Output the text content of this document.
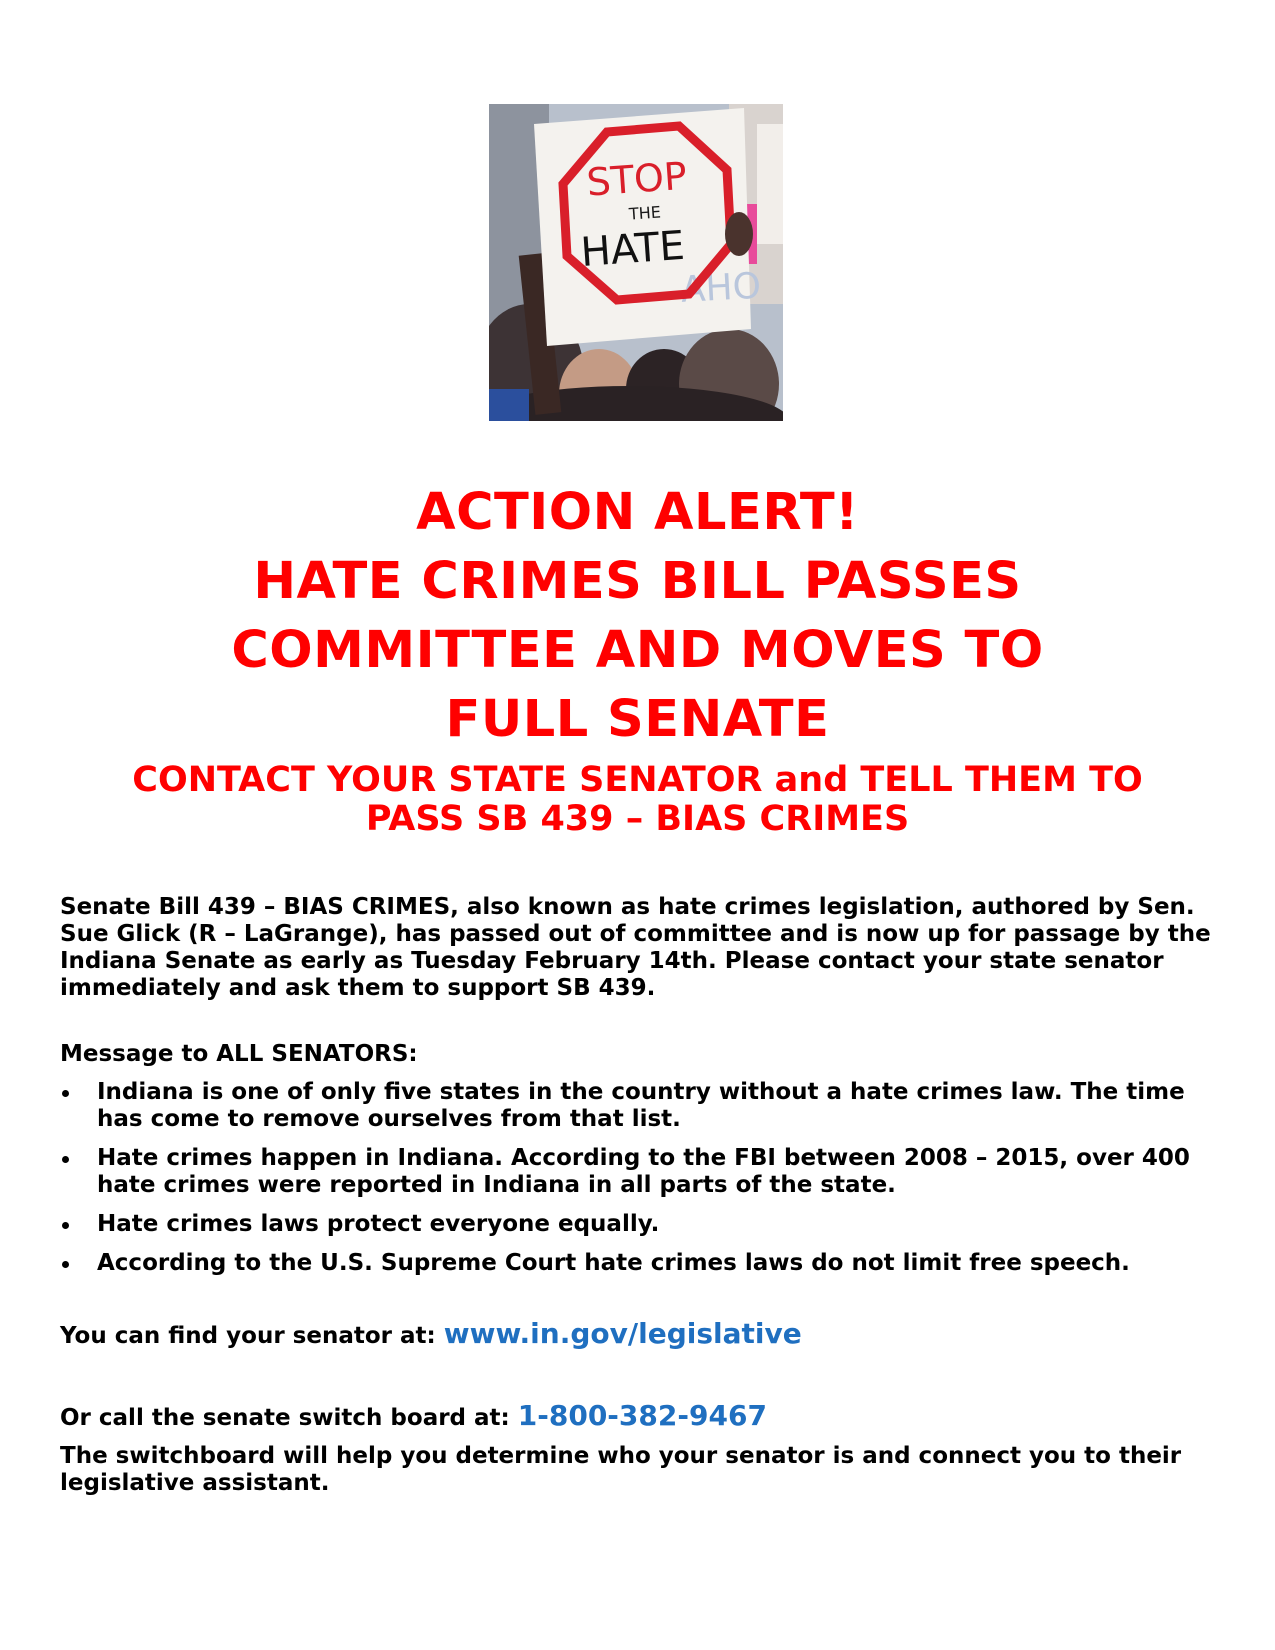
AHO
STOP
THE
HATE
ACTION ALERT!
HATE CRIMES BILL PASSES
COMMITTEE AND MOVES TO
FULL SENATE
CONTACT YOUR STATE SENATOR and TELL THEM TO
PASS SB 439 – BIAS CRIMES
Senate Bill 439 – BIAS CRIMES, also known as hate crimes legislation, authored by Sen. Sue Glick (R – LaGrange), has passed out of committee and is now up for passage by the Indiana Senate as early as Tuesday February 14th. Please contact your state senator immediately and ask them to support SB 439.
Message to ALL SENATORS:
Indiana is one of only five states in the country without a hate crimes law. The time has come to remove ourselves from that list.
Hate crimes happen in Indiana. According to the FBI between 2008 – 2015, over 400 hate crimes were reported in Indiana in all parts of the state.
Hate crimes laws protect everyone equally.
According to the U.S. Supreme Court hate crimes laws do not limit free speech.
You can find your senator at: www.in.gov/legislative
Or call the senate switch board at: 1-800-382-9467
The switchboard will help you determine who your senator is and connect you to their legislative assistant.
